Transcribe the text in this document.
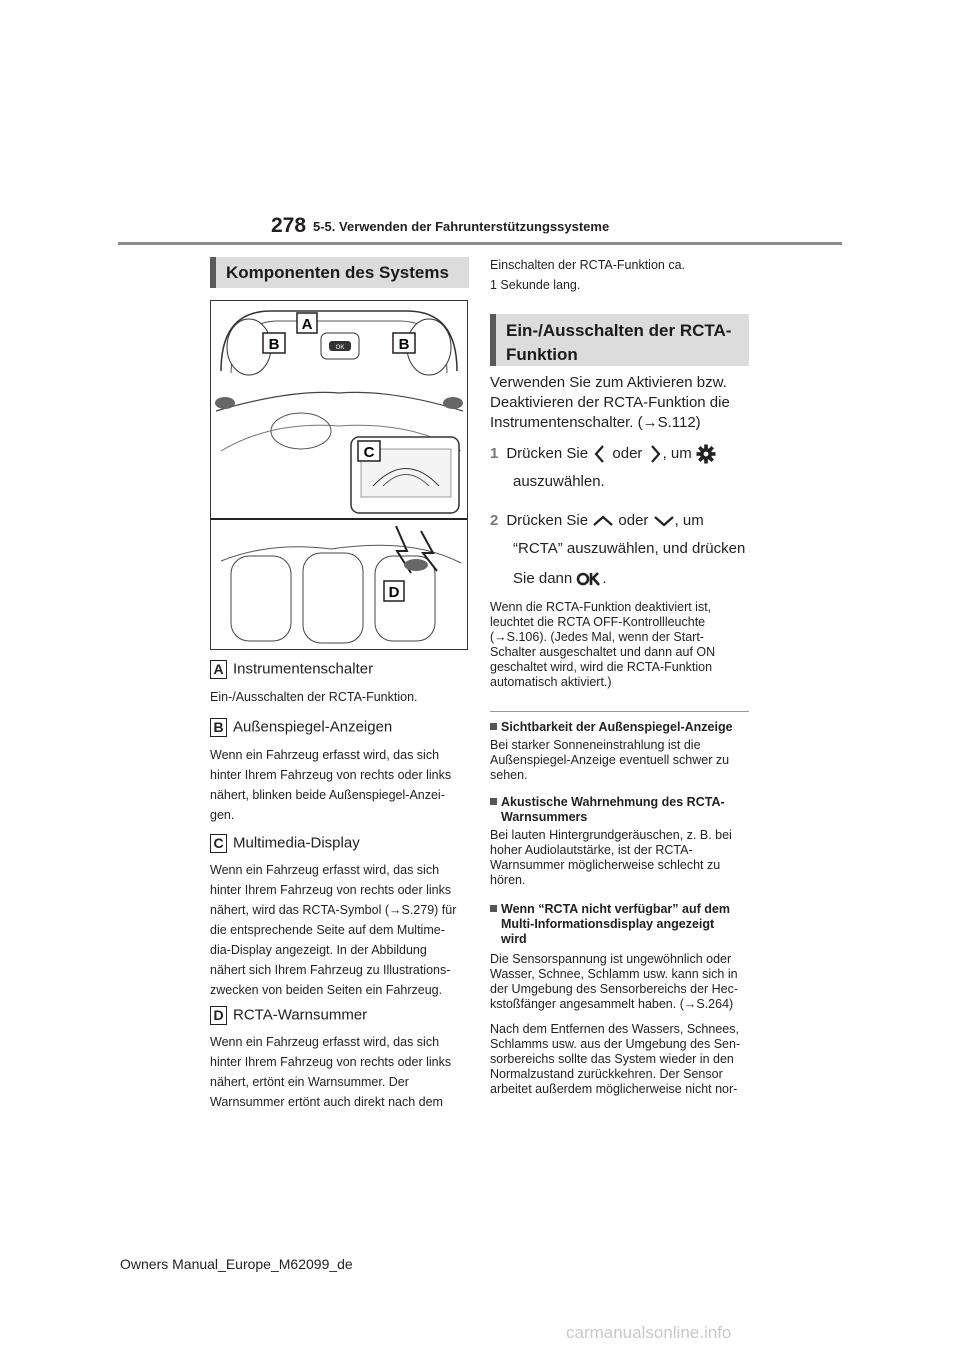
278 5-5. Verwenden der Fahrunterstützungssysteme
Komponenten des Systems
OK
A
B	B
C
D
A Instrumentenschalter
Ein-/Ausschalten der RCTA-Funktion.
B Außenspiegel-Anzeigen
Wenn ein Fahrzeug erfasst wird, das sich
hinter Ihrem Fahrzeug von rechts oder links
nähert, blinken beide Außenspiegel-Anzei-
gen.
C Multimedia-Display
Wenn ein Fahrzeug erfasst wird, das sich
hinter Ihrem Fahrzeug von rechts oder links
nähert, wird das RCTA-Symbol (→S.279) für
die entsprechende Seite auf dem Multime-
dia-Display angezeigt. In der Abbildung
nähert sich Ihrem Fahrzeug zu Illustrations-
zwecken von beiden Seiten ein Fahrzeug.
D RCTA-Warnsummer
Wenn ein Fahrzeug erfasst wird, das sich
hinter Ihrem Fahrzeug von rechts oder links
nähert, ertönt ein Warnsummer. Der
Warnsummer ertönt auch direkt nach dem
Einschalten der RCTA-Funktion ca.
1 Sekunde lang.
Ein-/Ausschalten der RCTA-
Funktion
Verwenden Sie zum Aktivieren bzw.
Deaktivieren der RCTA-Funktion die
Instrumentenschalter. (→S.112)
1 Drücken Sie oder , um
auszuwählen.
2 Drücken Sie oder , um
“RCTA” auszuwählen, und drücken
Sie dann .
Wenn die RCTA-Funktion deaktiviert ist,
leuchtet die RCTA OFF-Kontrollleuchte
(→S.106). (Jedes Mal, wenn der Start-
Schalter ausgeschaltet und dann auf ON
geschaltet wird, wird die RCTA-Funktion
automatisch aktiviert.)
Sichtbarkeit der Außenspiegel-Anzeige
Bei starker Sonneneinstrahlung ist die
Außenspiegel-Anzeige eventuell schwer zu
sehen.
Akustische Wahrnehmung des RCTA-
Warnsummers
Bei lauten Hintergrundgeräuschen, z. B. bei
hoher Audiolautstärke, ist der RCTA-
Warnsummer möglicherweise schlecht zu
hören.
Wenn “RCTA nicht verfügbar” auf dem
Multi-Informationsdisplay angezeigt
wird
Die Sensorspannung ist ungewöhnlich oder
Wasser, Schnee, Schlamm usw. kann sich in
der Umgebung des Sensorbereichs der Hec-
kstoßfänger angesammelt haben. (→S.264)
Nach dem Entfernen des Wassers, Schnees,
Schlamms usw. aus der Umgebung des Sen-
sorbereichs sollte das System wieder in den
Normalzustand zurückkehren. Der Sensor
arbeitet außerdem möglicherweise nicht nor-
Owners Manual_Europe_M62099_de
carmanualsonline.info
